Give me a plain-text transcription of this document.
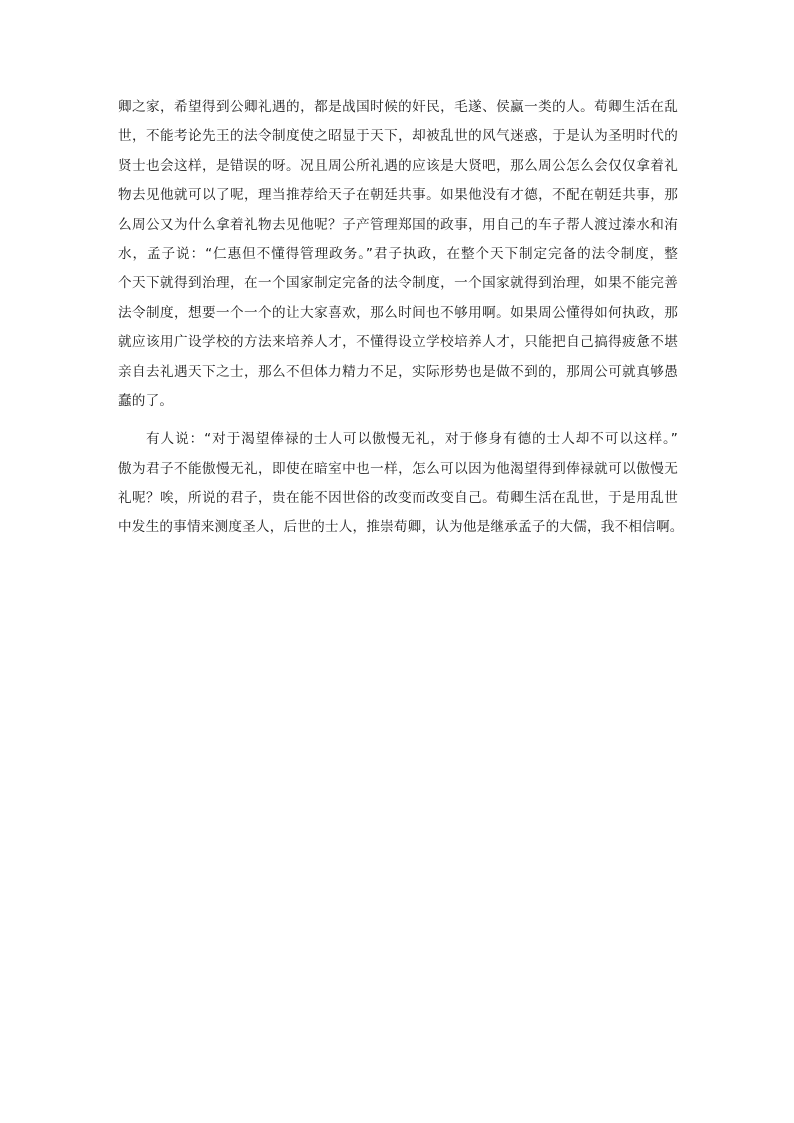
卿之家，希望得到公卿礼遇的，都是战国时候的奸民，毛遂、侯赢一类的人。荀卿生活在乱
世，不能考论先王的法令制度使之昭显于天下，却被乱世的风气迷惑，于是认为圣明时代的
贤士也会这样，是错误的呀。况且周公所礼遇的应该是大贤吧，那么周公怎么会仅仅拿着礼
物去见他就可以了呢，理当推荐给天子在朝廷共事。如果他没有才德，不配在朝廷共事，那
么周公又为什么拿着礼物去见他呢？子产管理郑国的政事，用自己的车子帮人渡过溱水和洧
水，孟子说：“仁惠但不懂得管理政务。”君子执政，在整个天下制定完备的法令制度，整
个天下就得到治理，在一个国家制定完备的法令制度，一个国家就得到治理，如果不能完善
法令制度，想要一个一个的让大家喜欢，那么时间也不够用啊。如果周公懂得如何执政，那
就应该用广设学校的方法来培养人才，不懂得设立学校培养人才，只能把自己搞得疲惫不堪
亲自去礼遇天下之士，那么不但体力精力不足，实际形势也是做不到的，那周公可就真够愚
蠢的了。
有人说：“对于渴望俸禄的士人可以傲慢无礼，对于修身有德的士人却不可以这样。”
傲为君子不能傲慢无礼，即使在暗室中也一样，怎么可以因为他渴望得到俸禄就可以傲慢无
礼呢？唉，所说的君子，贵在能不因世俗的改变而改变自己。荀卿生活在乱世，于是用乱世
中发生的事情来测度圣人，后世的士人，推崇荀卿，认为他是继承孟子的大儒，我不相信啊。
